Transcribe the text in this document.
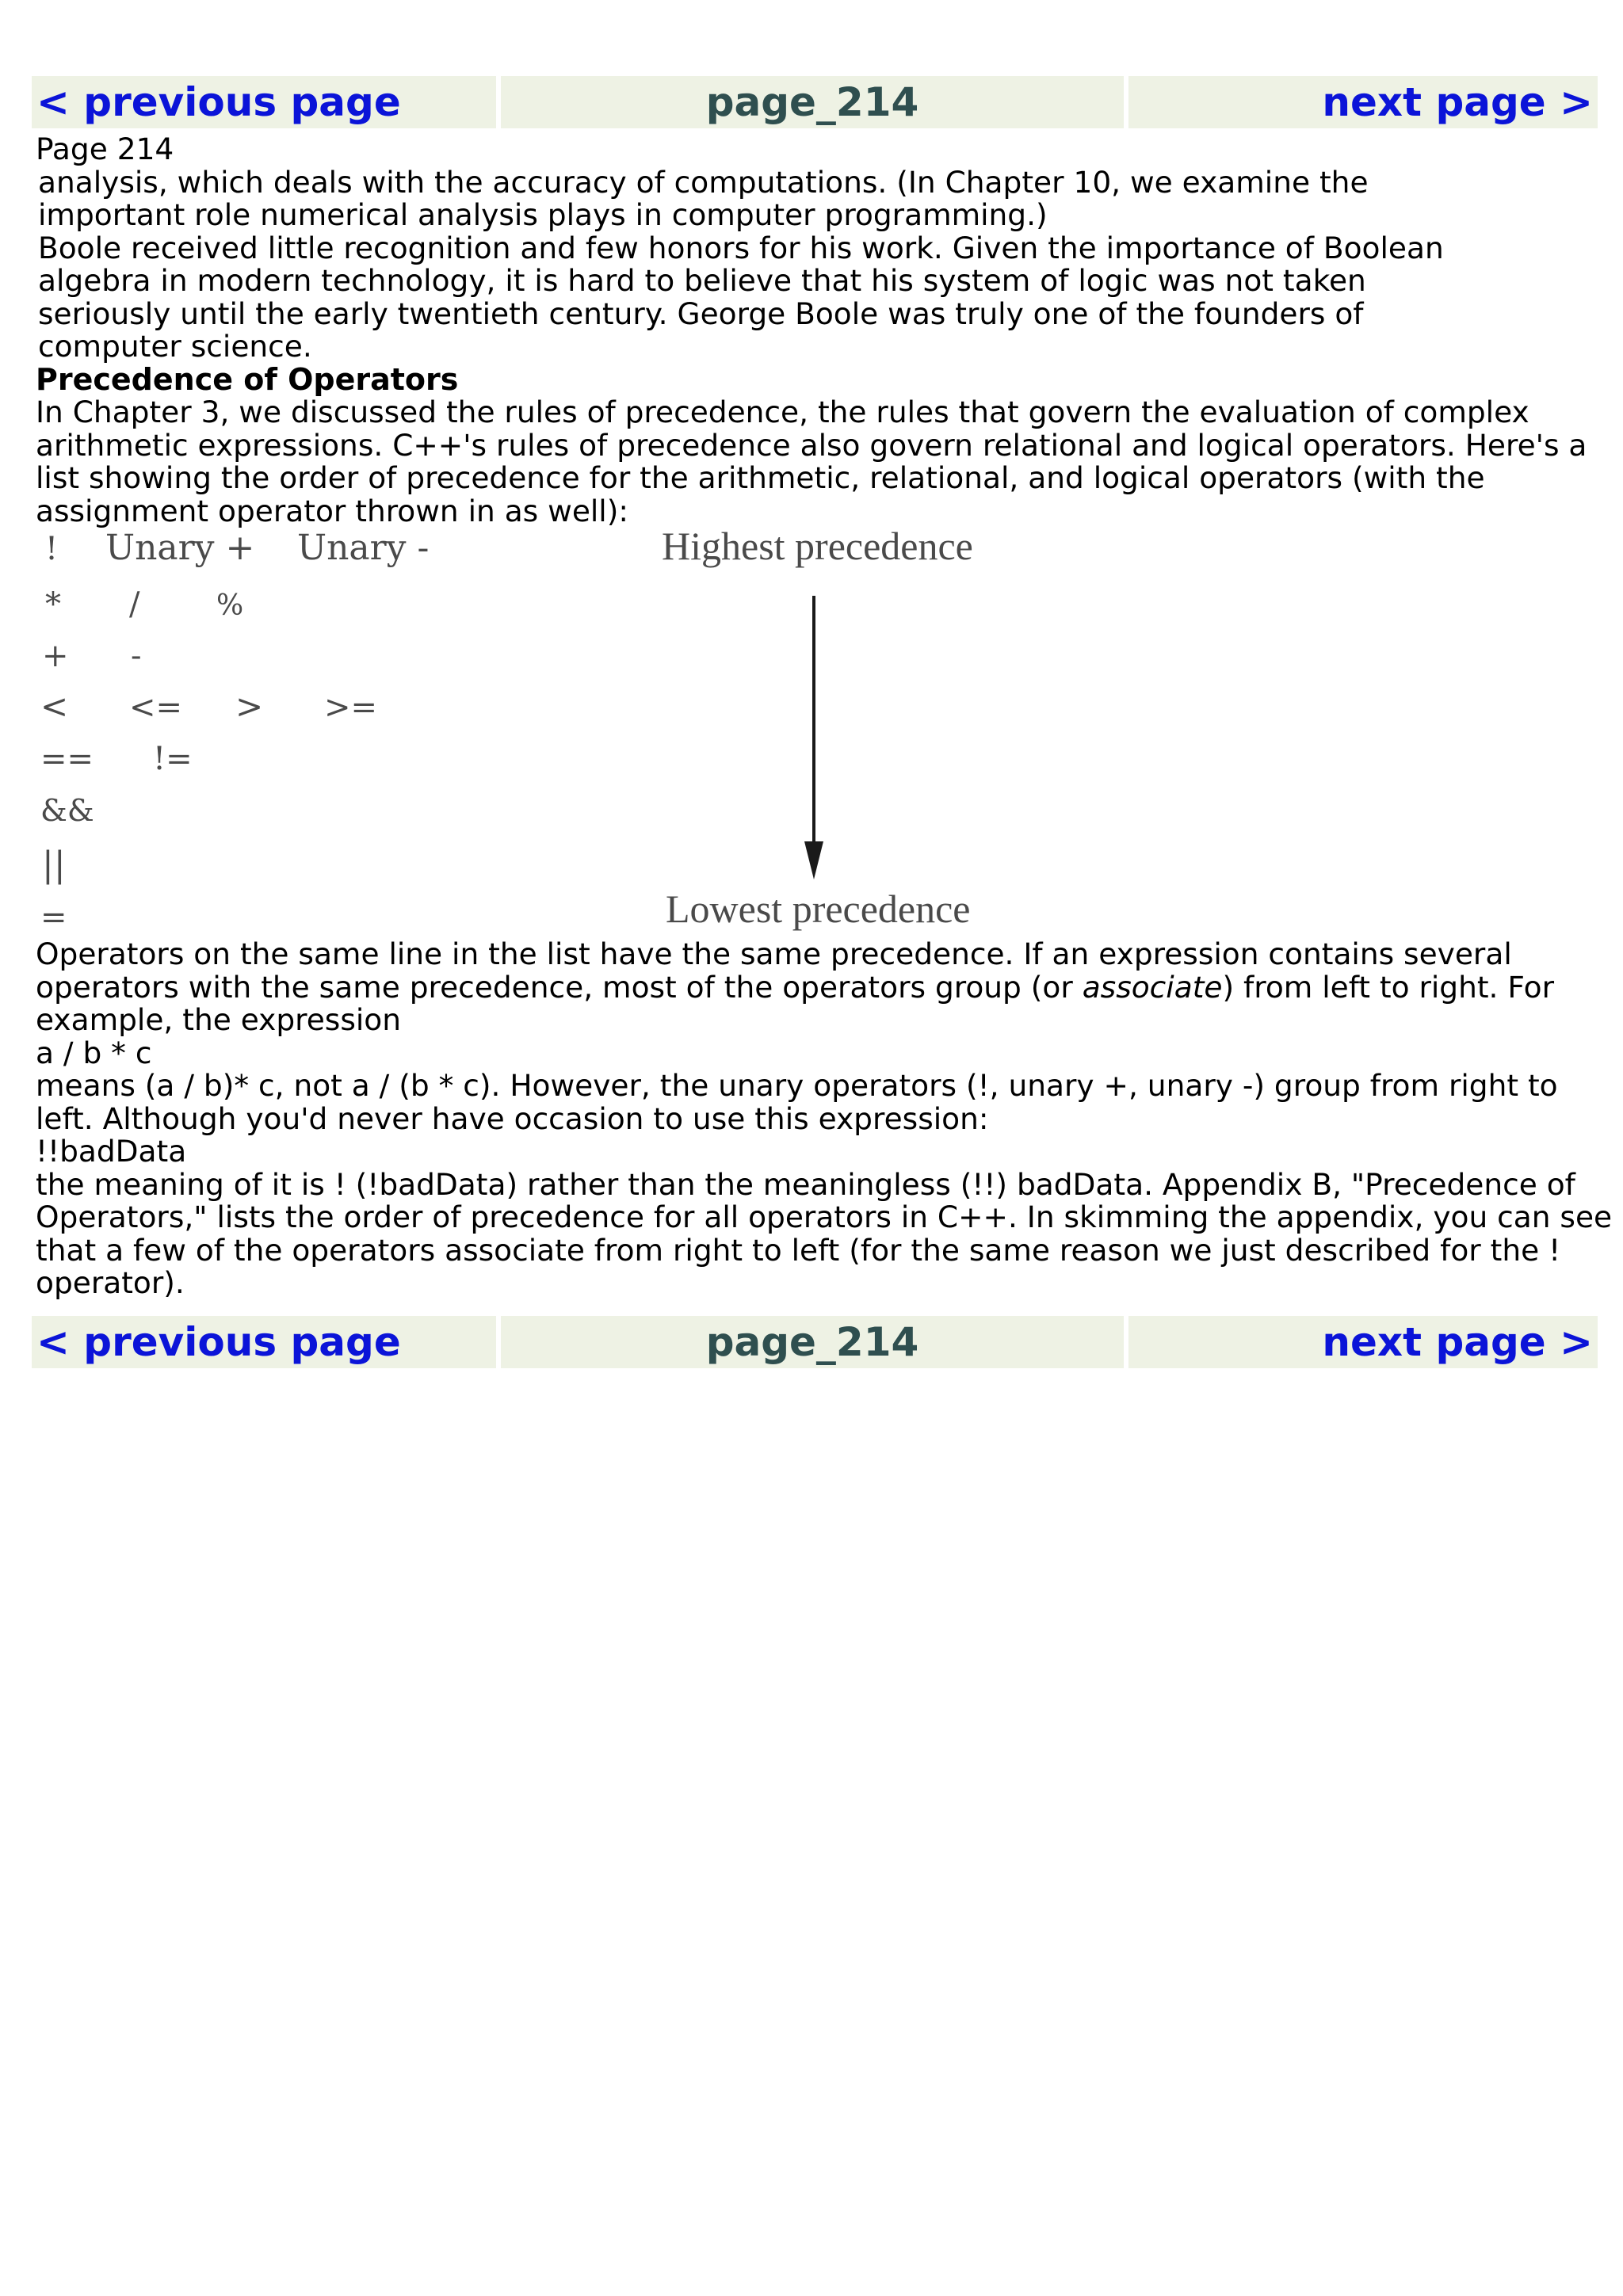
< previous page	page_214	next page >

Page 214

analysis, which deals with the accuracy of computations. (In Chapter 10, we examine the

important role numerical analysis plays in computer programming.)

Boole received little recognition and few honors for his work. Given the importance of Boolean

algebra in modern technology, it is hard to believe that his system of logic was not taken

seriously until the early twentieth century. George Boole was truly one of the founders of

computer science.

Precedence of Operators

In Chapter 3, we discussed the rules of precedence, the rules that govern the evaluation of complex

arithmetic expressions. C++'s rules of precedence also govern relational and logical operators. Here's a

list showing the order of precedence for the arithmetic, relational, and logical operators (with the

assignment operator thrown in as well):

! Unary + Unary -
* /	%
+ -
< <= > >=
== !=
&&
||
=
Highest precedence
Lowest precedence

Operators on the same line in the list have the same precedence. If an expression contains several

operators with the same precedence, most of the operators group (or associate) from left to right. For

example, the expression

a / b * c

means (a / b)* c, not a / (b * c). However, the unary operators (!, unary +, unary -) group from right to

left. Although you'd never have occasion to use this expression:

!!badData

the meaning of it is ! (!badData) rather than the meaningless (!!) badData. Appendix B, "Precedence of

Operators," lists the order of precedence for all operators in C++. In skimming the appendix, you can see

that a few of the operators associate from right to left (for the same reason we just described for the !

operator).

< previous page	page_214	next page >
